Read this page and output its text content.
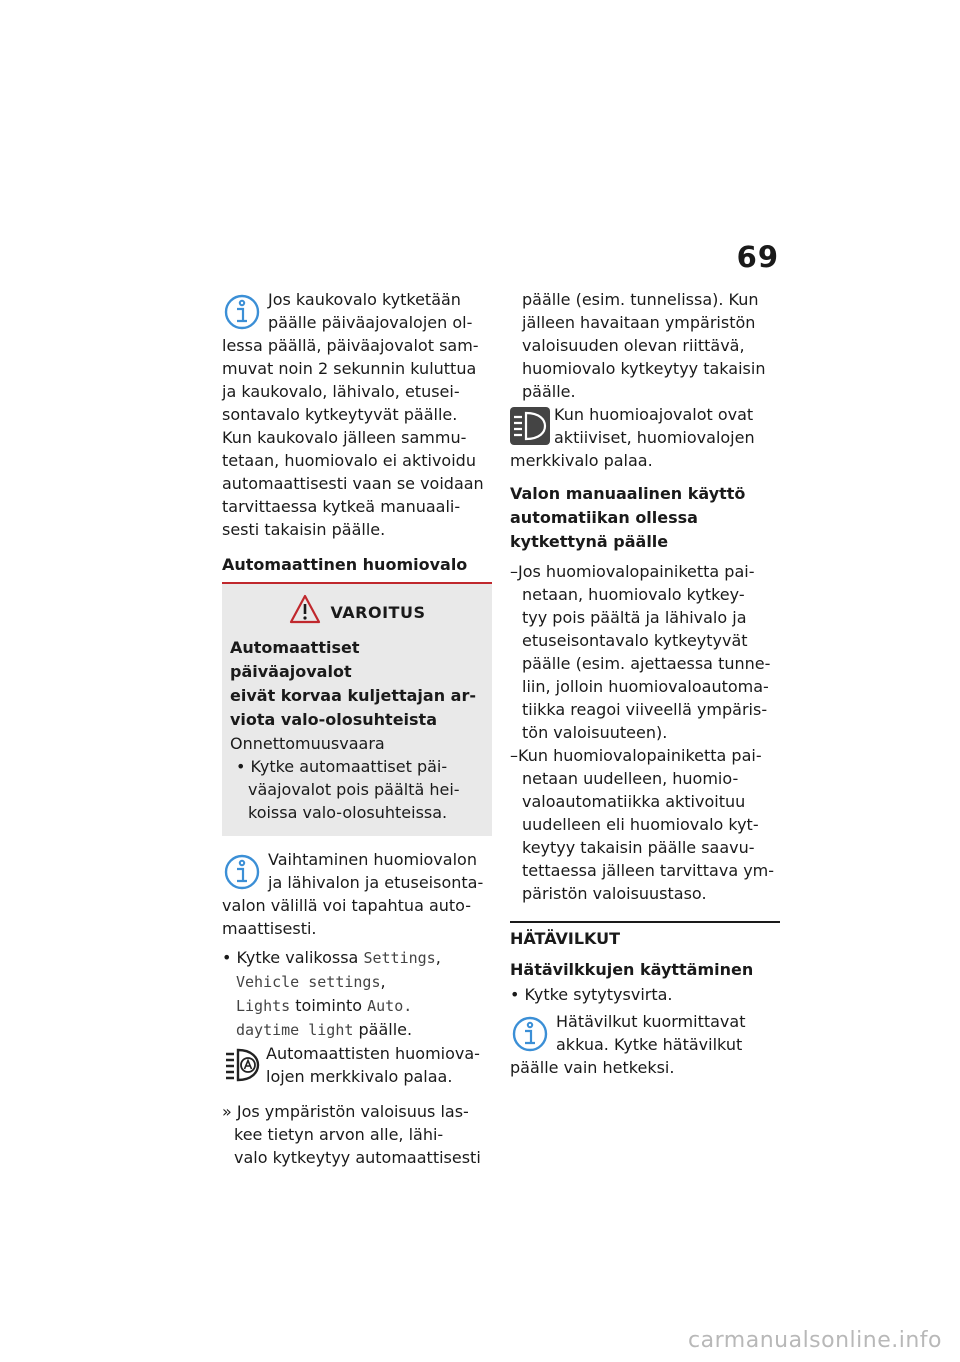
69

Jos kaukovalo kytketään
päälle päiväajovalojen ol-
lessa päällä, päiväajovalot sam-
muvat noin 2 sekunnin kuluttua
ja kaukovalo, lähivalo, etusei-
sontavalo kytkeytyvät päälle.

Kun kaukovalo jälleen sammu-
tetaan, huomiovalo ei aktivoidu
automaattisesti vaan se voidaan
tarvittaessa kytkeä manuaali-
sesti takaisin päälle.

Automaattinen huomiovalo
VAROITUS
Automaattiset päiväajovalot
eivät korvaa kuljettajan ar-
viota valo-olosuhteista
Onnettomuusvaara
• Kytke automaattiset päi-
väajovalot pois päältä hei-
koissa valo-olosuhteissa.

Vaihtaminen huomiovalon
ja lähivalon ja etuseisonta-
valon välillä voi tapahtua auto-
maattisesti.

• Kytke valikossa Settings,
Vehicle settings,
Lights toiminto Auto.
daytime light päälle.

Automaattisten huomiova-
lojen merkkivalo palaa.

» Jos ympäristön valoisuus las-
kee tietyn arvon alle, lähi-
valo kytkeytyy automaattisesti

päälle (esim. tunnelissa). Kun
jälleen havaitaan ympäristön
valoisuuden olevan riittävä,
huomiovalo kytkeytyy takaisin
päälle.

Kun huomioajovalot ovat
aktiiviset, huomiovalojen
merkkivalo palaa.

Valon manuaalinen käyttö
automatiikan ollessa
kytkettynä päälle

–Jos huomiovalopainiketta pai-
netaan, huomiovalo kytkey-
tyy pois päältä ja lähivalo ja
etuseisontavalo kytkeytyvät
päälle (esim. ajettaessa tunne-
liin, jolloin huomiovaloautoma-
tiikka reagoi viiveellä ympäris-
tön valoisuuteen).

–Kun huomiovalopainiketta pai-
netaan uudelleen, huomio-
valoautomatiikka aktivoituu
uudelleen eli huomiovalo kyt-
keytyy takaisin päälle saavu-
tettaessa jälleen tarvittava ym-
päristön valoisuustaso.

HÄTÄVILKUT
Hätävilkkujen käyttäminen

• Kytke sytytysvirta.

Hätävilkut kuormittavat
akkua. Kytke hätävilkut
päälle vain hetkeksi.

carmanualsonline.info
